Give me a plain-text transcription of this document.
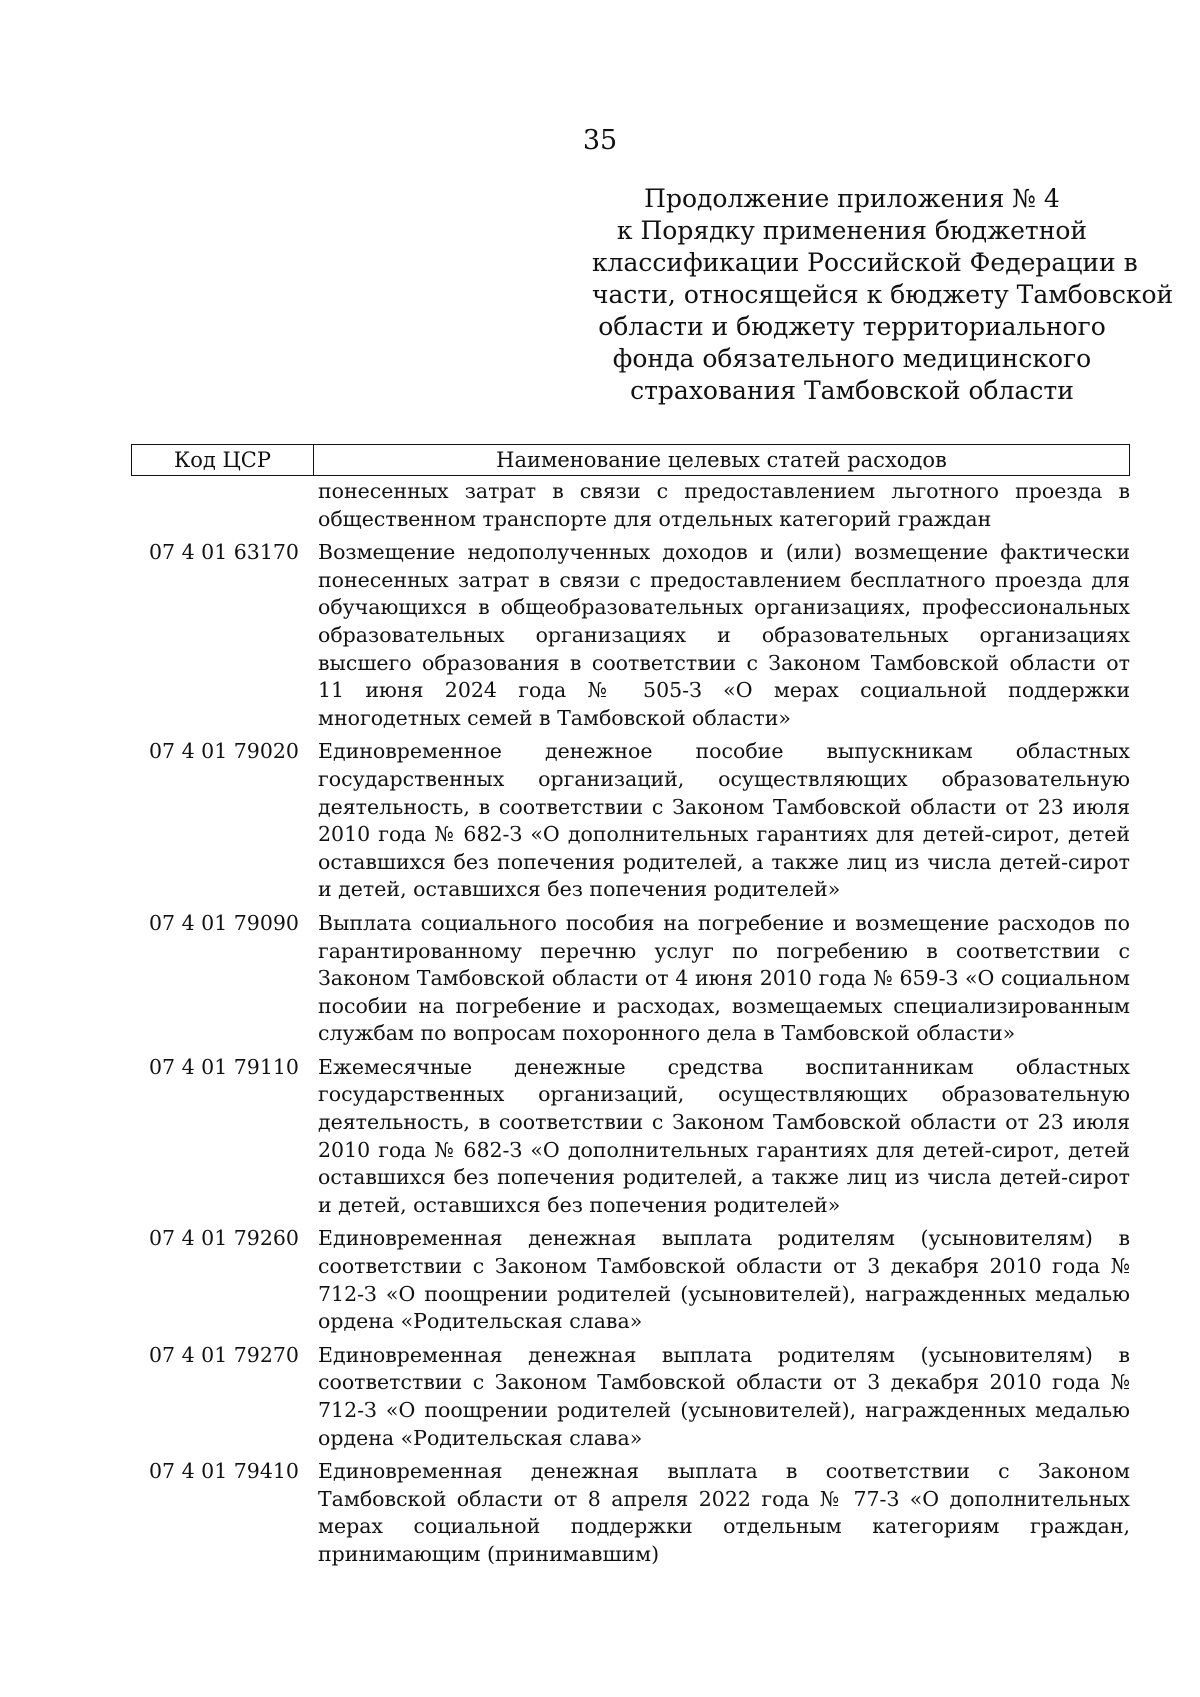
35
Продолжение приложения № 4
к Порядку применения бюджетной
классификации Российской Федерации в
части, относящейся к бюджету Тамбовской
области и бюджету территориального
фонда обязательного медицинского
страхования Тамбовской области
Код ЦСР	Наименование целевых статей расходов
понесенных затрат в связи с предоставлением льготного проезда в общественном транспорте для отдельных категорий граждан
07 4 01 63170 Возмещение недополученных доходов и (или) возмещение фактически понесенных затрат в связи с предоставлением бесплатного проезда для обучающихся в общеобразовательных организациях, профессиональных образовательных организациях и образовательных организациях высшего образования в соответствии с Законом Тамбовской области от 11 июня 2024 года № 505-З «О мерах социальной поддержки многодетных семей в Тамбовской области»
07 4 01 79020 Единовременное денежное пособие выпускникам областных государственных организаций, осуществляющих образовательную деятельность, в соответствии с Законом Тамбовской области от 23 июля 2010 года № 682-З «О дополнительных гарантиях для детей-сирот, детей оставшихся без попечения родителей, а также лиц из числа детей-сирот и детей, оставшихся без попечения родителей»
07 4 01 79090 Выплата социального пособия на погребение и возмещение расходов по гарантированному перечню услуг по погребению в соответствии с Законом Тамбовской области от 4 июня 2010 года № 659-З «О социальном пособии на погребение и расходах, возмещаемых специализированным службам по вопросам похоронного дела в Тамбовской области»
07 4 01 79110 Ежемесячные денежные средства воспитанникам областных государственных организаций, осуществляющих образовательную деятельность, в соответствии с Законом Тамбовской области от 23 июля 2010 года № 682-З «О дополнительных гарантиях для детей-сирот, детей оставшихся без попечения родителей, а также лиц из числа детей-сирот и детей, оставшихся без попечения родителей»
07 4 01 79260 Единовременная денежная выплата родителям (усыновителям) в соответствии с Законом Тамбовской области от 3 декабря 2010 года № 712-З «О поощрении родителей (усыновителей), награжденных медалью ордена «Родительская слава»
07 4 01 79270 Единовременная денежная выплата родителям (усыновителям) в соответствии с Законом Тамбовской области от 3 декабря 2010 года № 712-З «О поощрении родителей (усыновителей), награжденных медалью ордена «Родительская слава»
07 4 01 79410 Единовременная денежная выплата в соответствии с Законом Тамбовской области от 8 апреля 2022 года № 77-З «О дополнительных мерах социальной поддержки отдельным категориям граждан, принимающим (принимавшим)
